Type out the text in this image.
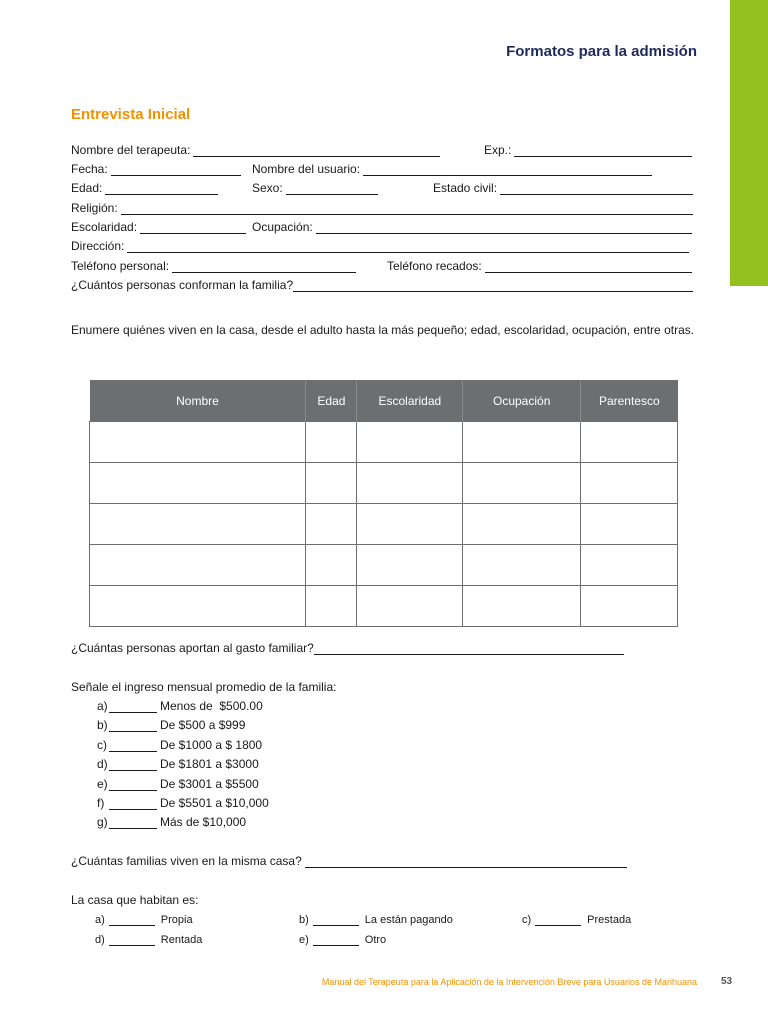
Formatos para la admisión
Entrevista Inicial
Nombre del terapeuta:	Exp.:
Fecha:	Nombre del usuario:
Edad:	Sexo:	Estado civil:
Religión:
Escolaridad:	Ocupación:
Dirección:
Teléfono personal:	Teléfono recados:
¿Cuántos personas conforman la familia?
Enumere quiénes viven en la casa, desde el adulto hasta la más pequeño; edad, escolaridad, ocupación, entre otras.
Nombre	Edad	Escolaridad	Ocupación	Parentesco

¿Cuántas personas aportan al gasto familiar?
Señale el ingreso mensual promedio de la familia:
a)	Menos de  $500.00
b)	De $500 a $999
c)	De $1000 a $ 1800
d)	De $1801 a $3000
e)	De $3001 a $5500
f)	De $5501 a $10,000
g)	Más de $10,000
¿Cuántas familias viven en la misma casa?
La casa que habitan es:
a)	Propia	b)	La están pagando	c)	Prestada
d)	Rentada	e)	Otro
Manual del Terapeuta para la Aplicación de la Intervención Breve para Usuarios de Marihuana 53
